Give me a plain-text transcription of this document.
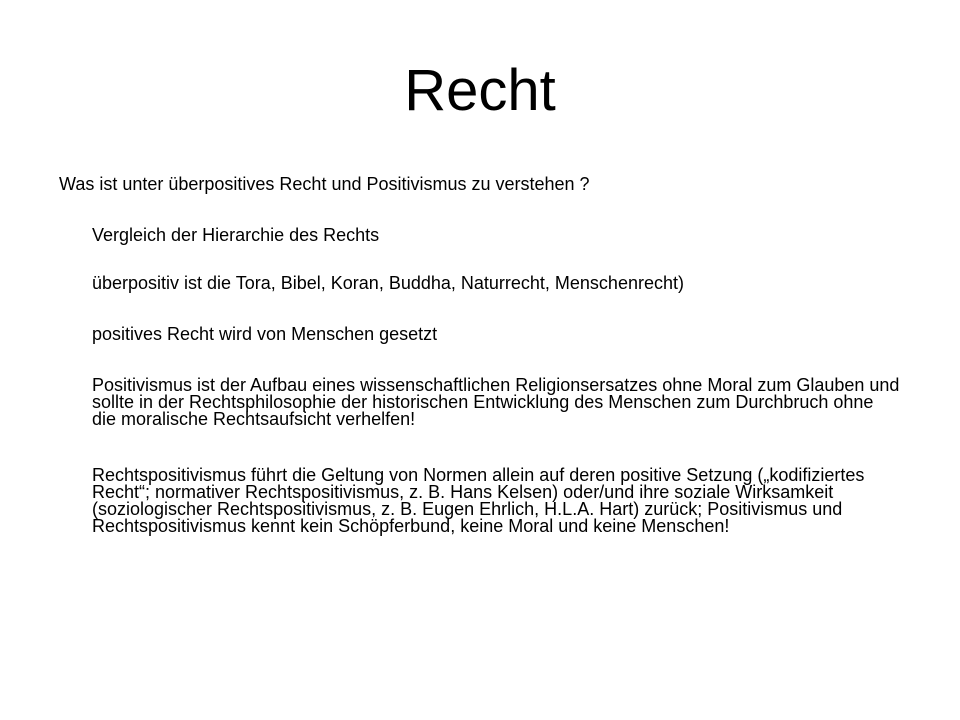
Recht

Was ist unter überpositives Recht und Positivismus zu verstehen ?

Vergleich der Hierarchie des Rechts

überpositiv ist die Tora, Bibel, Koran, Buddha, Naturrecht, Menschenrecht)

positives Recht wird von Menschen gesetzt

Positivismus ist der Aufbau eines wissenschaftlichen Religionsersatzes ohne Moral zum Glauben und sollte in der Rechtsphilosophie der historischen Entwicklung des Menschen zum Durchbruch ohne die moralische Rechtsaufsicht verhelfen!

Rechtspositivismus führt die Geltung von Normen allein auf deren positive Setzung („kodifiziertes Recht“; normativer Rechtspositivismus, z. B. Hans Kelsen) oder/und ihre soziale Wirksamkeit (soziologischer Rechtspositivismus, z. B. Eugen Ehrlich, H.L.A. Hart) zurück; Positivismus und Rechtspositivismus kennt kein Schöpferbund, keine Moral und keine Menschen!
